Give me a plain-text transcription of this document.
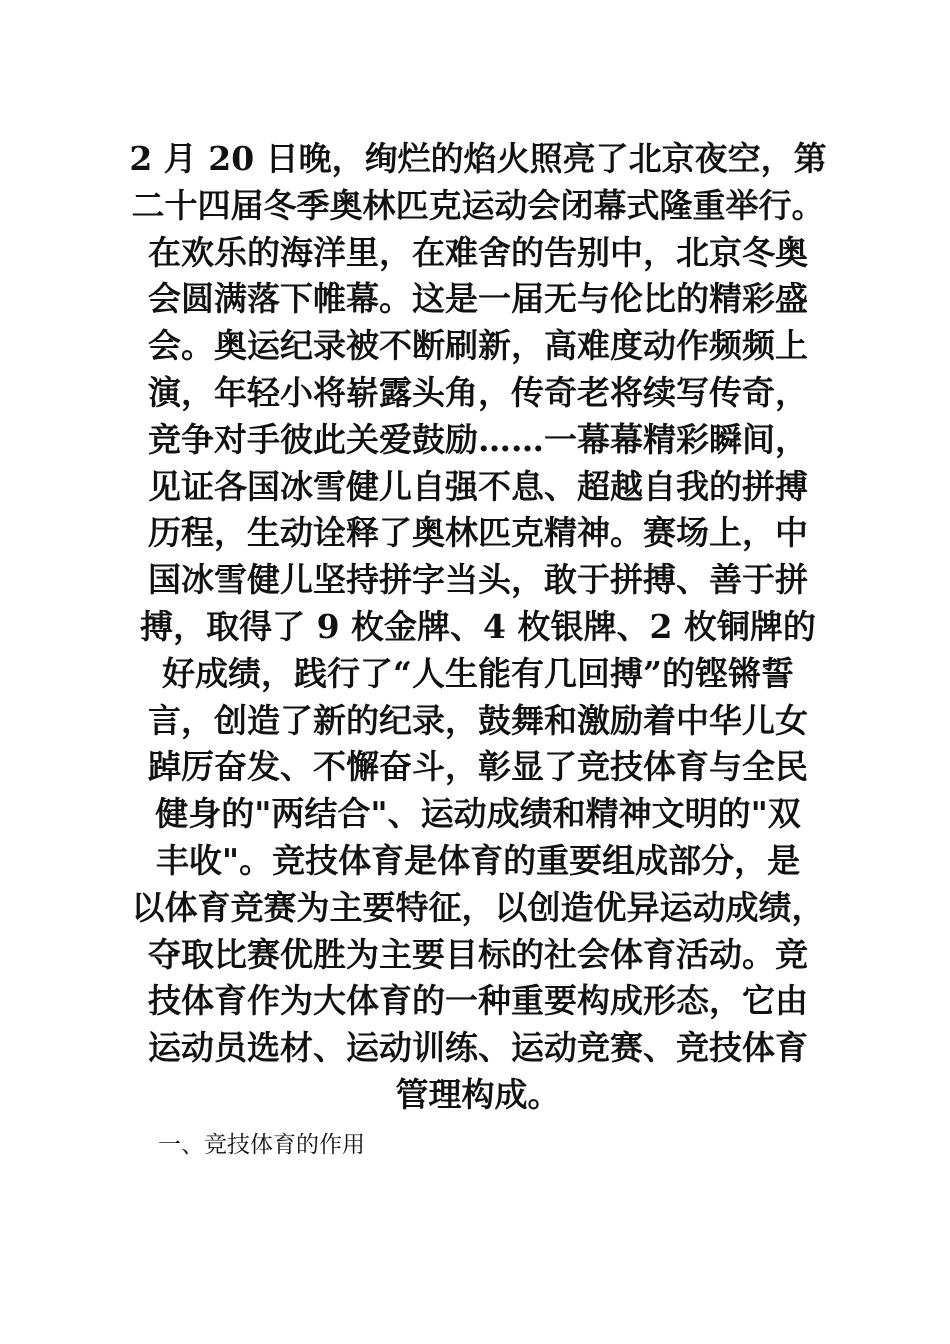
2 月 20 日晚，绚烂的焰火照亮了北京夜空，第
二十四届冬季奥林匹克运动会闭幕式隆重举行。
在欢乐的海洋里，在难舍的告别中，北京冬奥
会圆满落下帷幕。这是一届无与伦比的精彩盛
会。奥运纪录被不断刷新，高难度动作频频上
演，年轻小将崭露头角，传奇老将续写传奇，
竞争对手彼此关爱鼓励……一幕幕精彩瞬间，
见证各国冰雪健儿自强不息、超越自我的拼搏
历程，生动诠释了奥林匹克精神。赛场上，中
国冰雪健儿坚持拼字当头，敢于拼搏、善于拼
搏，取得了 9 枚金牌、4 枚银牌、2 枚铜牌的
好成绩，践行了“人生能有几回搏”的铿锵誓
言，创造了新的纪录，鼓舞和激励着中华儿女
踔厉奋发、不懈奋斗，彰显了竞技体育与全民
健身的"两结合"、运动成绩和精神文明的"双
丰收"。竞技体育是体育的重要组成部分，是
以体育竞赛为主要特征，以创造优异运动成绩，
夺取比赛优胜为主要目标的社会体育活动。竞
技体育作为大体育的一种重要构成形态，它由
运动员选材、运动训练、运动竞赛、竞技体育
管理构成。
一、竞技体育的作用
